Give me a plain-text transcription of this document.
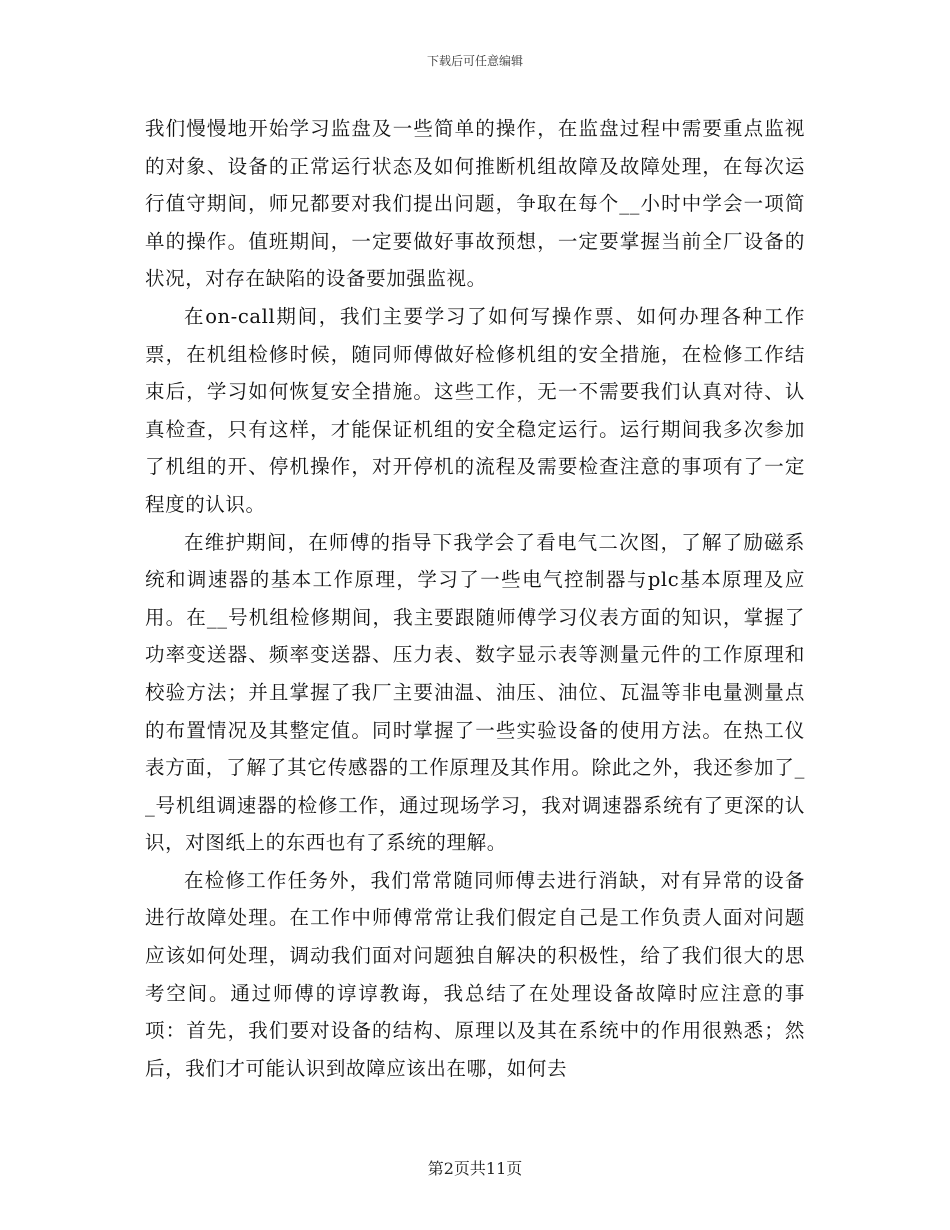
下载后可任意编辑

我们慢慢地开始学习监盘及一些简单的操作，在监盘过程中需要重点监视的对象、设备的正常运行状态及如何推断机组故障及故障处理，在每次运行值守期间，师兄都要对我们提出问题，争取在每个__小时中学会一项简单的操作。值班期间，一定要做好事故预想，一定要掌握当前全厂设备的状况，对存在缺陷的设备要加强监视。

在on-call期间，我们主要学习了如何写操作票、如何办理各种工作票，在机组检修时候，随同师傅做好检修机组的安全措施，在检修工作结束后，学习如何恢复安全措施。这些工作，无一不需要我们认真对待、认真检查，只有这样，才能保证机组的安全稳定运行。运行期间我多次参加了机组的开、停机操作，对开停机的流程及需要检查注意的事项有了一定程度的认识。

在维护期间，在师傅的指导下我学会了看电气二次图，了解了励磁系统和调速器的基本工作原理，学习了一些电气控制器与plc基本原理及应用。在__号机组检修期间，我主要跟随师傅学习仪表方面的知识，掌握了功率变送器、频率变送器、压力表、数字显示表等测量元件的工作原理和校验方法；并且掌握了我厂主要油温、油压、油位、瓦温等非电量测量点的布置情况及其整定值。同时掌握了一些实验设备的使用方法。在热工仪表方面，了解了其它传感器的工作原理及其作用。除此之外，我还参加了__号机组调速器的检修工作，通过现场学习，我对调速器系统有了更深的认识，对图纸上的东西也有了系统的理解。

在检修工作任务外，我们常常随同师傅去进行消缺，对有异常的设备进行故障处理。在工作中师傅常常让我们假定自己是工作负责人面对问题应该如何处理，调动我们面对问题独自解决的积极性，给了我们很大的思考空间。通过师傅的谆谆教诲，我总结了在处理设备故障时应注意的事项：首先，我们要对设备的结构、原理以及其在系统中的作用很熟悉；然后，我们才可能认识到故障应该出在哪，如何去

第2页共11页
